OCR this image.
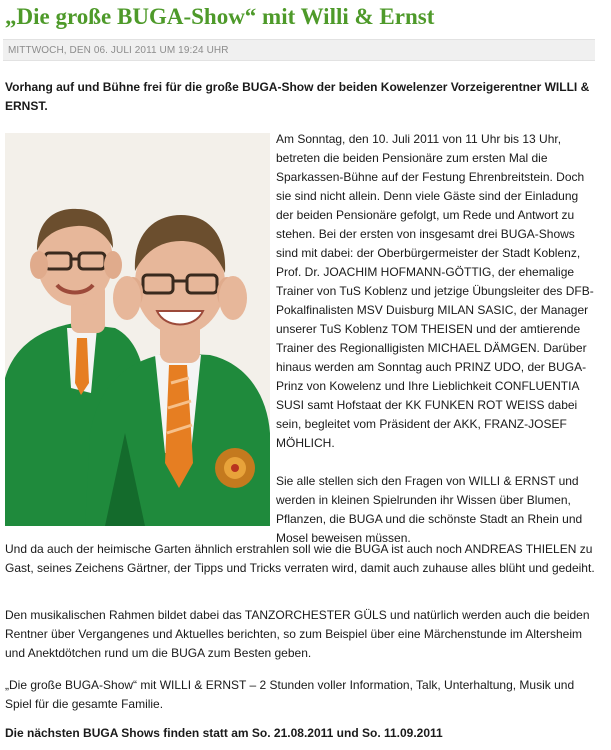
„Die große BUGA-Show“ mit Willi & Ernst
MITTWOCH, DEN 06. JULI 2011 UM 19:24 UHR

Vorhang auf und Bühne frei für die große BUGA-Show der beiden Kowelenzer Vorzeigerentner WILLI & ERNST.

Am Sonntag, den 10. Juli 2011 von 11 Uhr bis 13 Uhr, betreten die beiden Pensionäre zum ersten Mal die Sparkassen-Bühne auf der Festung Ehrenbreitstein. Doch sie sind nicht allein. Denn viele Gäste sind der Einladung der beiden Pensionäre gefolgt, um Rede und Antwort zu stehen. Bei der ersten von insgesamt drei BUGA-Shows sind mit dabei: der Oberbürgermeister der Stadt Koblenz, Prof. Dr. JOACHIM HOFMANN-GÖTTIG, der ehemalige Trainer von TuS Koblenz und jetzige Übungsleiter des DFB-Pokalfinalisten MSV Duisburg MILAN SASIC, der Manager unserer TuS Koblenz TOM THEISEN und der amtierende Trainer des Regionalligisten MICHAEL DÄMGEN. Darüber hinaus werden am Sonntag auch PRINZ UDO, der BUGA-Prinz von Kowelenz und Ihre Lieblichkeit CONFLUENTIA SUSI samt Hofstaat der KK FUNKEN ROT WEISS dabei sein, begleitet vom Präsident der AKK, FRANZ-JOSEF MÖHLICH.

Sie alle stellen sich den Fragen von WILLI & ERNST und werden in kleinen Spielrunden ihr Wissen über Blumen, Pflanzen, die BUGA und die schönste Stadt an Rhein und Mosel beweisen müssen.

Und da auch der heimische Garten ähnlich erstrahlen soll wie die BUGA ist auch noch ANDREAS THIELEN zu Gast, seines Zeichens Gärtner, der Tipps und Tricks verraten wird, damit auch zuhause alles blüht und gedeiht.

Den musikalischen Rahmen bildet dabei das TANZORCHESTER GÜLS und natürlich werden auch die beiden Rentner über Vergangenes und Aktuelles berichten, so zum Beispiel über eine Märchenstunde im Altersheim und Anektdötchen rund um die BUGA zum Besten geben.

„Die große BUGA-Show“ mit WILLI & ERNST – 2 Stunden voller Information, Talk, Unterhaltung, Musik und Spiel für die gesamte Familie.

Die nächsten BUGA Shows finden statt am So. 21.08.2011 und So. 11.09.2011
